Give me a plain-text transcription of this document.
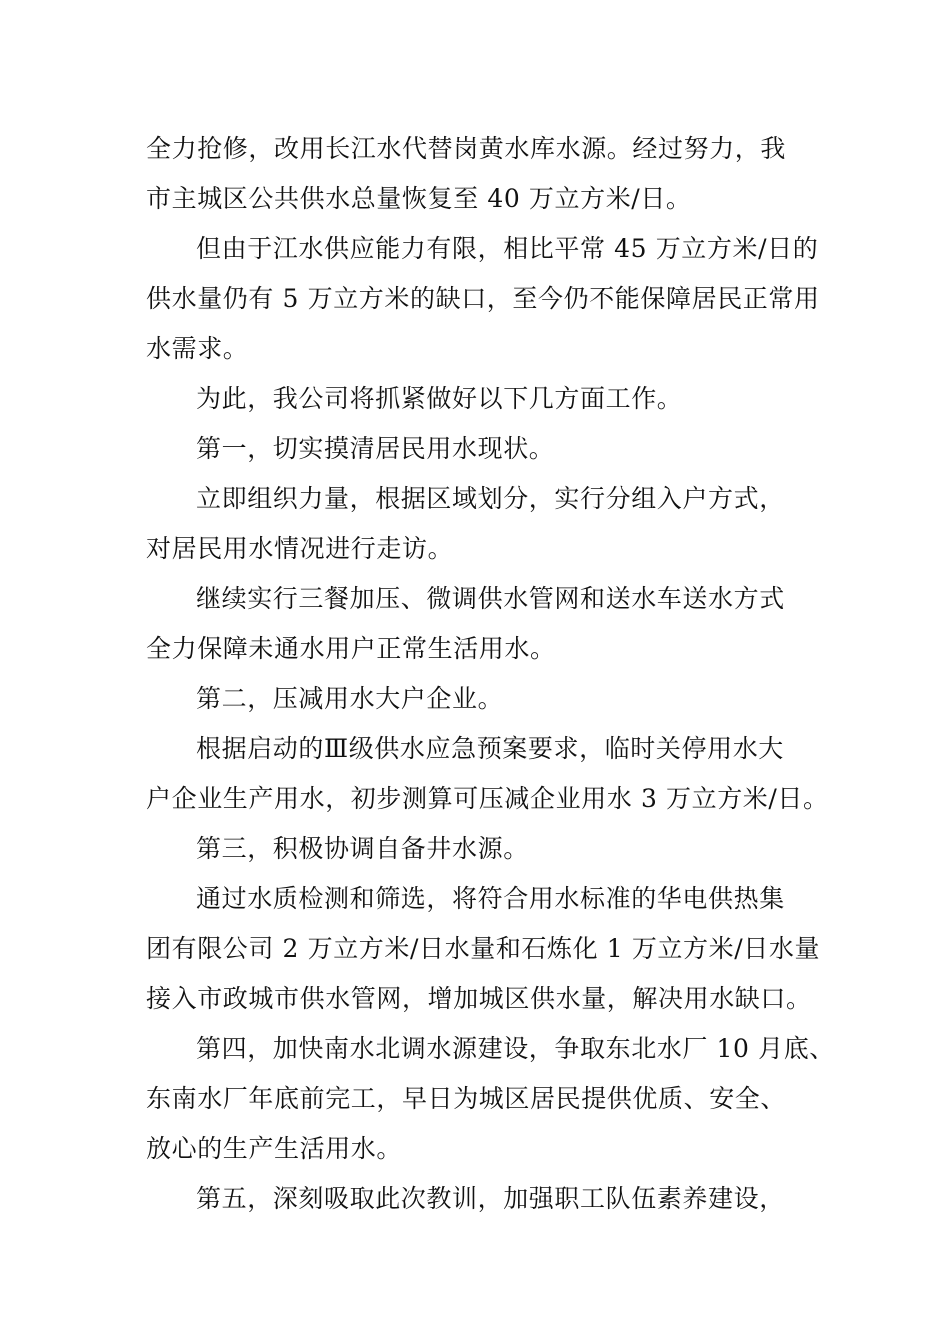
全力抢修，改用长江水代替岗黄水库水源。经过努力，我

市主城区公共供水总量恢复至 40 万立方米/日。

但由于江水供应能力有限，相比平常 45 万立方米/日的

供水量仍有 5 万立方米的缺口，至今仍不能保障居民正常用

水需求。

为此，我公司将抓紧做好以下几方面工作。

第一，切实摸清居民用水现状。

立即组织力量，根据区域划分，实行分组入户方式，

对居民用水情况进行走访。

继续实行三餐加压、微调供水管网和送水车送水方式

全力保障未通水用户正常生活用水。

第二，压减用水大户企业。

根据启动的Ⅲ级供水应急预案要求，临时关停用水大

户企业生产用水，初步测算可压减企业用水 3 万立方米/日。

第三，积极协调自备井水源。

通过水质检测和筛选，将符合用水标准的华电供热集

团有限公司 2 万立方米/日水量和石炼化 1 万立方米/日水量

接入市政城市供水管网，增加城区供水量，解决用水缺口。

第四，加快南水北调水源建设，争取东北水厂 10 月底、

东南水厂年底前完工，早日为城区居民提供优质、安全、

放心的生产生活用水。

第五，深刻吸取此次教训，加强职工队伍素养建设，
